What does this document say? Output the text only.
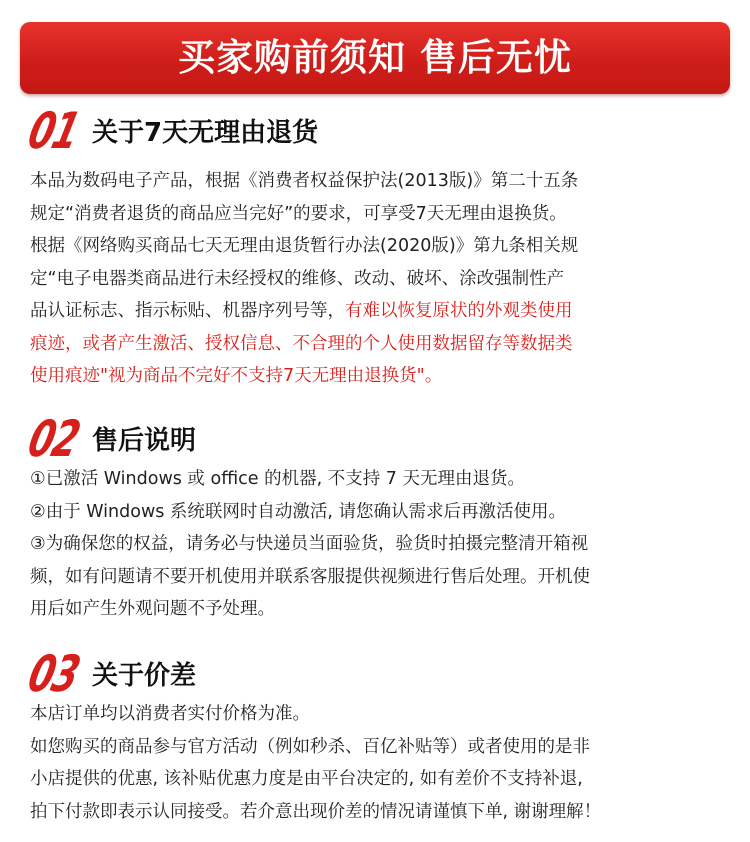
买家购前须知 售后无忧
01 关于7天无理由退货
本品为数码电子产品，根据《消费者权益保护法(2013版)》第二十五条
规定“消费者退货的商品应当完好”的要求，可享受7天无理由退换货。
根据《网络购买商品七天无理由退货暂行办法(2020版)》第九条相关规
定“电子电器类商品进行未经授权的维修、改动、破坏、涂改强制性产
品认证标志、指示标贴、机器序列号等，有难以恢复原状的外观类使用
痕迹，或者产生激活、授权信息、不合理的个人使用数据留存等数据类
使用痕迹"视为商品不完好不支持7天无理由退换货"。
02 售后说明
①已激活 Windows 或 office 的机器, 不支持 7 天无理由退货。
②由于 Windows 系统联网时自动激活, 请您确认需求后再激活使用。
③为确保您的权益，请务必与快递员当面验货，验货时拍摄完整清开箱视
频，如有问题请不要开机使用并联系客服提供视频进行售后处理。开机使
用后如产生外观问题不予处理。
03 关于价差
本店订单均以消费者实付价格为准。
如您购买的商品参与官方活动（例如秒杀、百亿补贴等）或者使用的是非
小店提供的优惠, 该补贴优惠力度是由平台决定的, 如有差价不支持补退,
拍下付款即表示认同接受。若介意出现价差的情况请谨慎下单, 谢谢理解！
